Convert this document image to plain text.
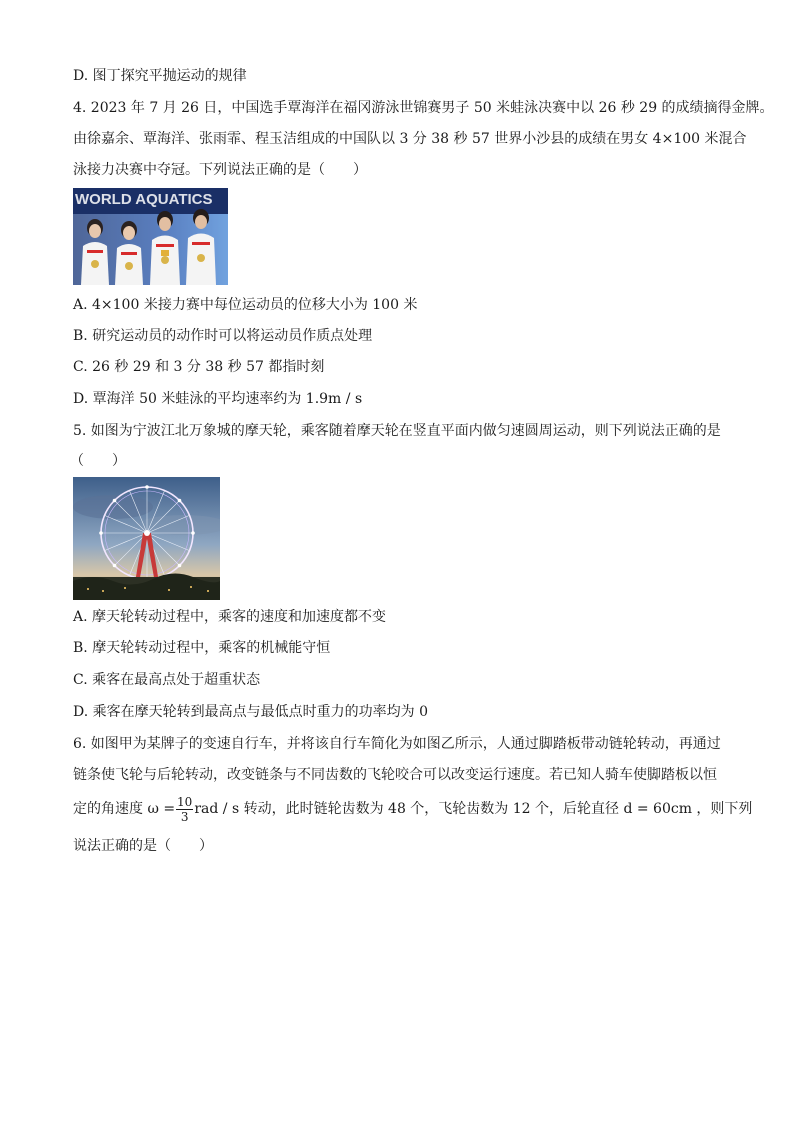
D. 图丁探究平抛运动的规律
4. 2023 年 7 月 26 日，中国选手覃海洋在福冈游泳世锦赛男子 50 米蛙泳决赛中以 26 秒 29 的成绩摘得金牌。
由徐嘉余、覃海洋、张雨霏、程玉洁组成的中国队以 3 分 38 秒 57 世界小沙县的成绩在男女 4×100 米混合
泳接力决赛中夺冠。下列说法正确的是（　　）
WORLD AQUATICS
A. 4×100 米接力赛中每位运动员的位移大小为 100 米
B. 研究运动员的动作时可以将运动员作质点处理
C. 26 秒 29 和 3 分 38 秒 57 都指时刻
D. 覃海洋 50 米蛙泳的平均速率约为 1.9m / s
5. 如图为宁波江北万象城的摩天轮，乘客随着摩天轮在竖直平面内做匀速圆周运动，则下列说法正确的是
（　　）
A. 摩天轮转动过程中，乘客的速度和加速度都不变
B. 摩天轮转动过程中，乘客的机械能守恒
C. 乘客在最高点处于超重状态
D. 乘客在摩天轮转到最高点与最低点时重力的功率均为 0
6. 如图甲为某牌子的变速自行车，并将该自行车简化为如图乙所示，人通过脚踏板带动链轮转动，再通过
链条使飞轮与后轮转动，改变链条与不同齿数的飞轮咬合可以改变运行速度。若已知人骑车使脚踏板以恒
定的角速度 $\omega = \frac{10}{3}$ rad / s 转动，此时链轮齿数为 48 个，飞轮齿数为 12 个，后轮直径 d = 60cm ，则下列
说法正确的是（　　）
